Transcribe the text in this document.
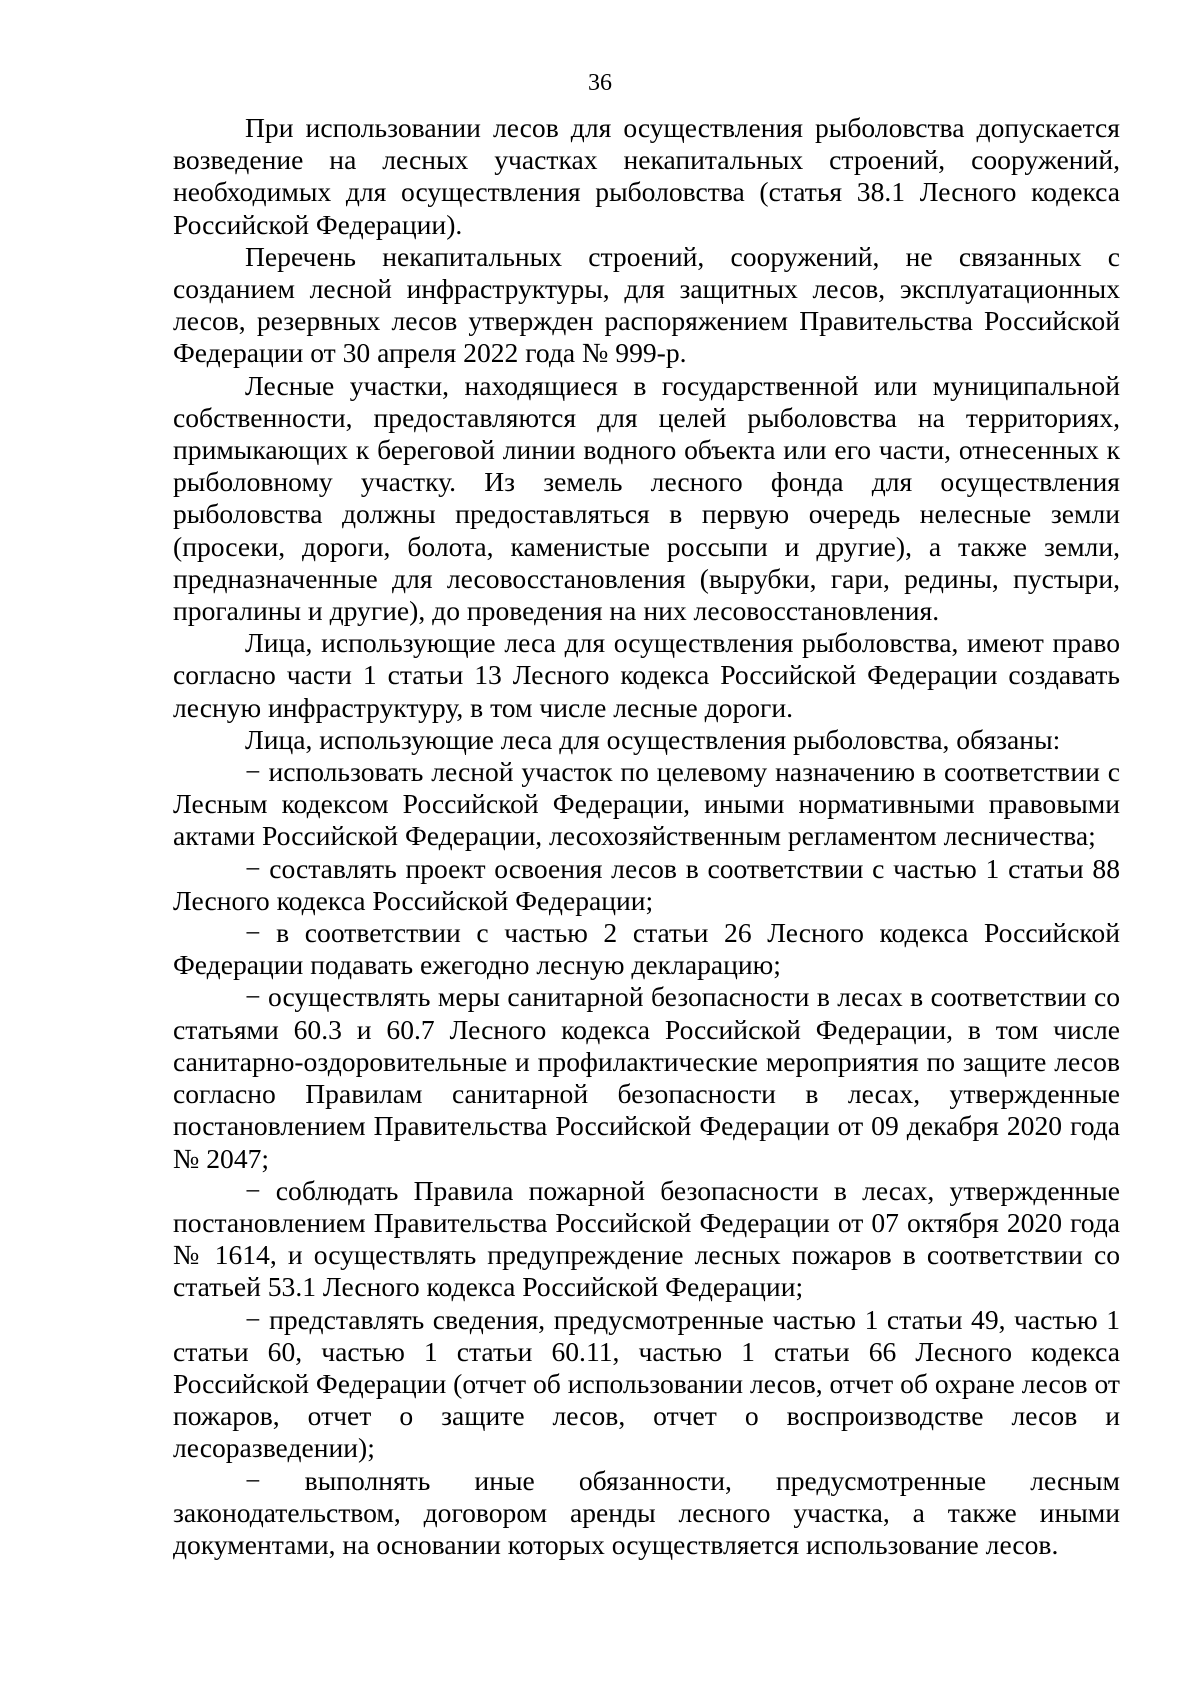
36

При использовании лесов для осуществления рыболовства допускается возведение на лесных участках некапитальных строений, сооружений, необходимых для осуществления рыболовства (статья 38.1 Лесного кодекса Российской Федерации).

Перечень некапитальных строений, сооружений, не связанных с созданием лесной инфраструктуры, для защитных лесов, эксплуатационных лесов, резервных лесов утвержден распоряжением Правительства Российской Федерации от 30 апреля 2022 года № 999-р.

Лесные участки, находящиеся в государственной или муниципальной собственности, предоставляются для целей рыболовства на территориях, примыкающих к береговой линии водного объекта или его части, отнесенных к рыболовному участку. Из земель лесного фонда для осуществления рыболовства должны предоставляться в первую очередь нелесные земли (просеки, дороги, болота, каменистые россыпи и другие), а также земли, предназначенные для лесовосстановления (вырубки, гари, редины, пустыри, прогалины и другие), до проведения на них лесовосстановления.

Лица, использующие леса для осуществления рыболовства, имеют право согласно части 1 статьи 13 Лесного кодекса Российской Федерации создавать лесную инфраструктуру, в том числе лесные дороги.

Лица, использующие леса для осуществления рыболовства, обязаны:

− использовать лесной участок по целевому назначению в соответствии с Лесным кодексом Российской Федерации, иными нормативными правовыми актами Российской Федерации, лесохозяйственным регламентом лесничества;

− составлять проект освоения лесов в соответствии с частью 1 статьи 88 Лесного кодекса Российской Федерации;

− в соответствии с частью 2 статьи 26 Лесного кодекса Российской Федерации подавать ежегодно лесную декларацию;

− осуществлять меры санитарной безопасности в лесах в соответствии со статьями 60.3 и 60.7 Лесного кодекса Российской Федерации, в том числе санитарно-оздоровительные и профилактические мероприятия по защите лесов согласно Правилам санитарной безопасности в лесах, утвержденные постановлением Правительства Российской Федерации от 09 декабря 2020 года № 2047;

− соблюдать Правила пожарной безопасности в лесах, утвержденные постановлением Правительства Российской Федерации от 07 октября 2020 года № 1614, и осуществлять предупреждение лесных пожаров в соответствии со статьей 53.1 Лесного кодекса Российской Федерации;

− представлять сведения, предусмотренные частью 1 статьи 49, частью 1 статьи 60, частью 1 статьи 60.11, частью 1 статьи 66 Лесного кодекса Российской Федерации (отчет об использовании лесов, отчет об охране лесов от пожаров, отчет о защите лесов, отчет о воспроизводстве лесов и лесоразведении);

− выполнять иные обязанности, предусмотренные лесным законодательством, договором аренды лесного участка, а также иными документами, на основании которых осуществляется использование лесов.
